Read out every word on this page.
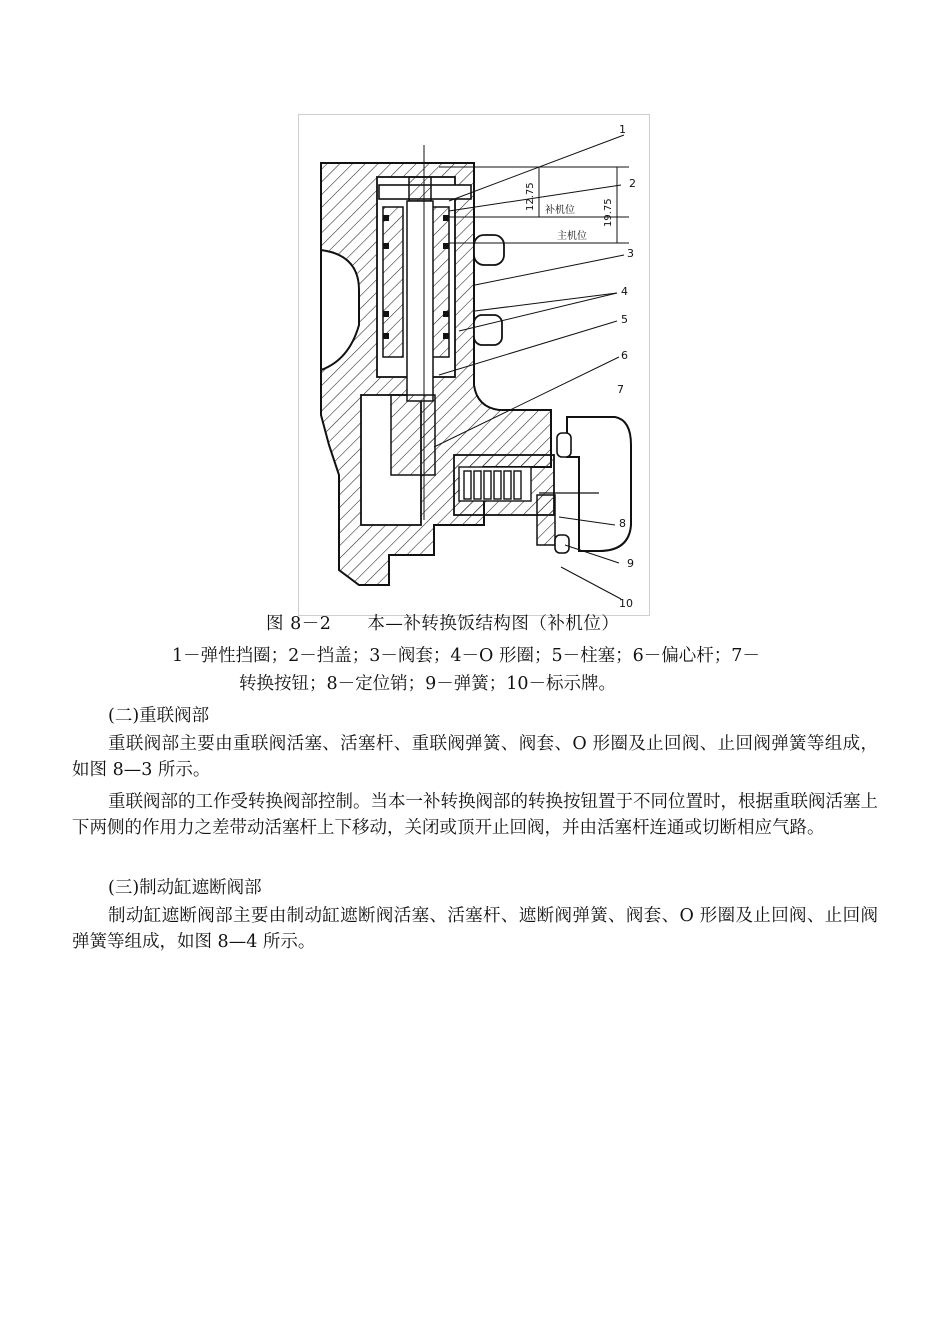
1
2
3
4
5
6
7
8
9
10
12.75
19.75
补机位
主机位
图 8－2　　本—补转换饭结构图（补机位）
1－弹性挡圈；2－挡盖；3－阀套；4－O 形圈；5－柱塞；6－偏心杆；7－
转换按钮；8－定位销；9－弹簧；10－标示牌。
(二)重联阀部
重联阀部主要由重联阀活塞、活塞杆、重联阀弹簧、阀套、O 形圈及止回阀、止回阀弹簧等组成，如图 8—3 所示。
重联阀部的工作受转换阀部控制。当本一补转换阀部的转换按钮置于不同位置时，根据重联阀活塞上下两侧的作用力之差带动活塞杆上下移动，关闭或顶开止回阀，并由活塞杆连通或切断相应气路。
(三)制动缸遮断阀部
制动缸遮断阀部主要由制动缸遮断阀活塞、活塞杆、遮断阀弹簧、阀套、O 形圈及止回阀、止回阀弹簧等组成，如图 8—4 所示。
